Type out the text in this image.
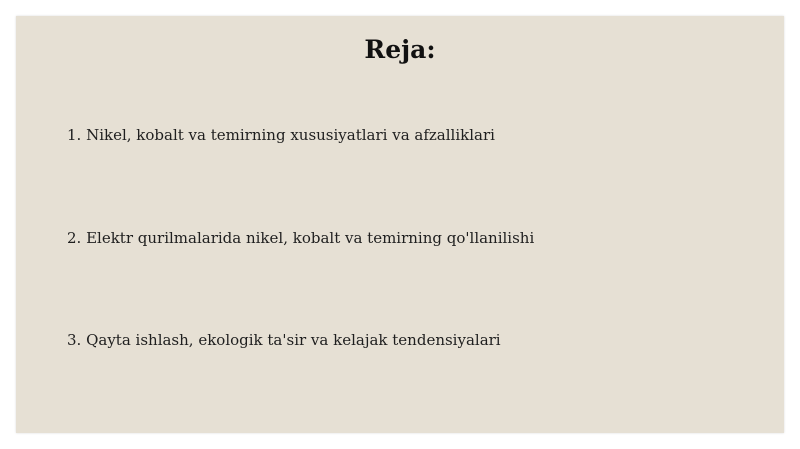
Reja:
1. Nikel, kobalt va temirning xususiyatlari va afzalliklari
2. Elektr qurilmalarida nikel, kobalt va temirning qo'llanilishi
3. Qayta ishlash, ekologik ta'sir va kelajak tendensiyalari
